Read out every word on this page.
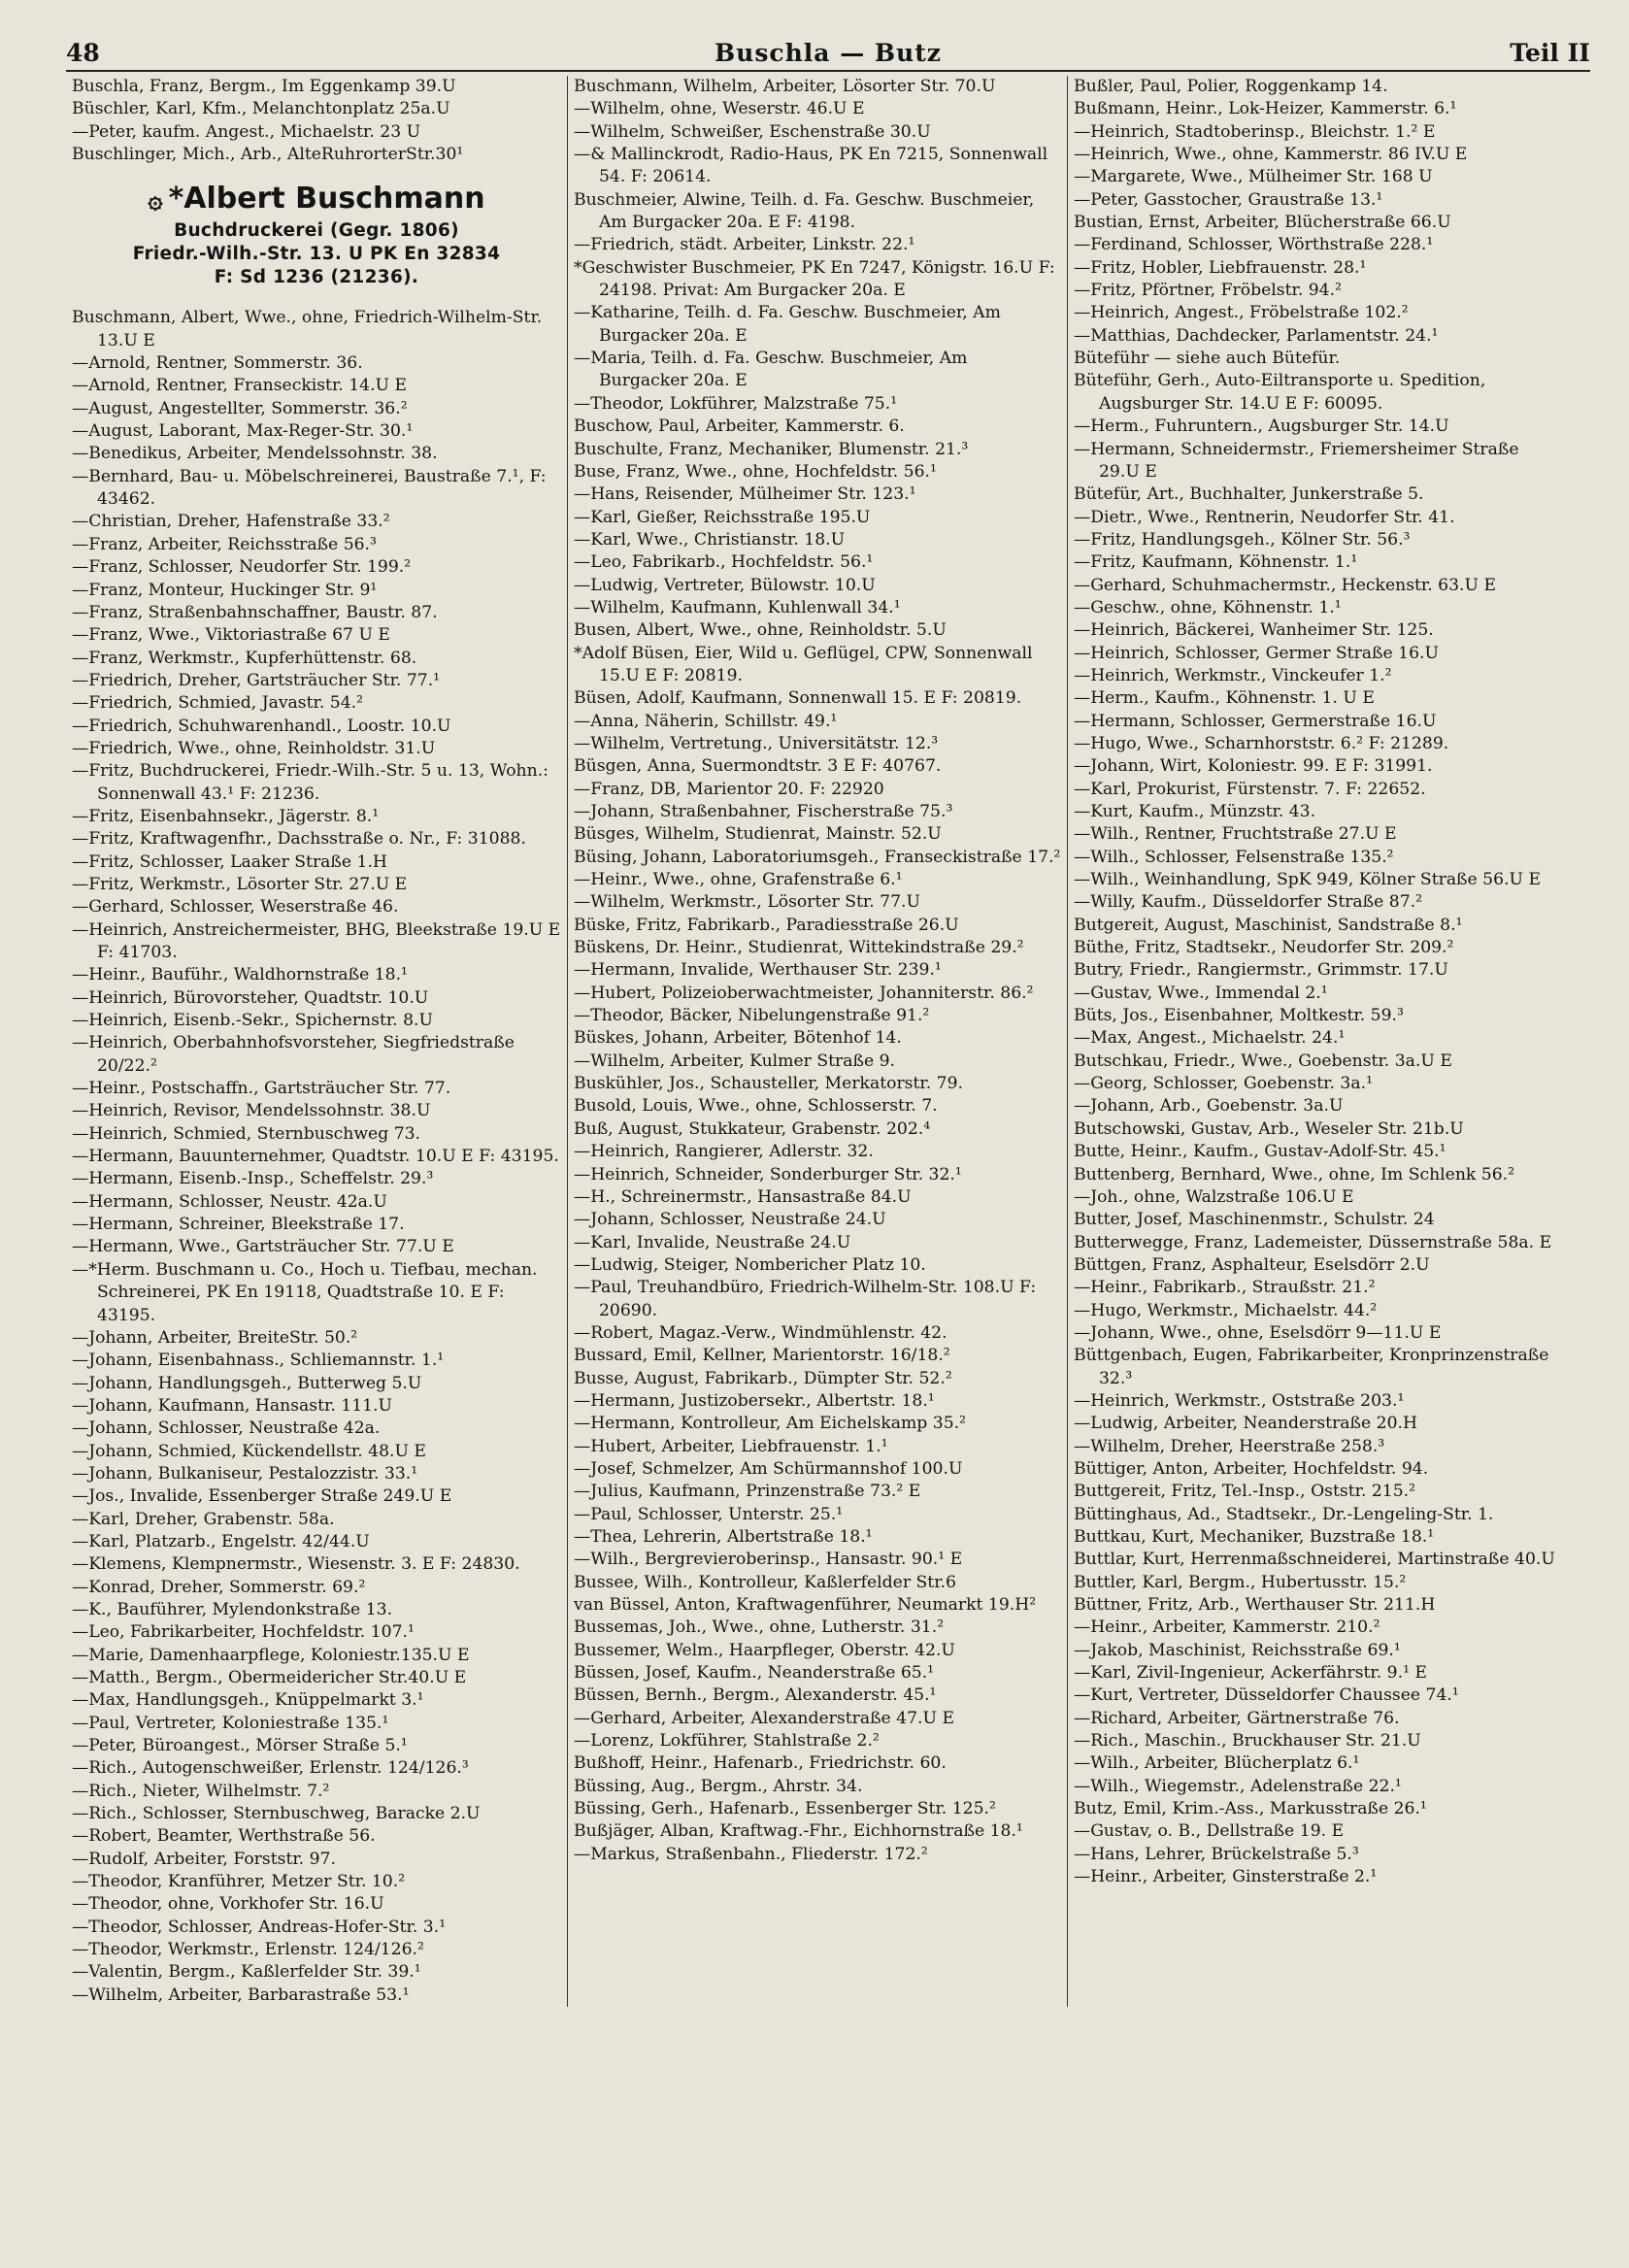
48	Buschla — Butz	Teil II
Buschla, Franz, Bergm., Im Eggenkamp 39.U
Büschler, Karl, Kfm., Melanchtonplatz 25a.U
—Peter, kaufm. Angest., Michaelstr. 23 U
Buschlinger, Mich., Arb., AlteRuhrorterStr.30¹
۞ *Albert Buschmann
Buchdruckerei (Gegr. 1806)
Friedr.-Wilh.-Str. 13. U PK En 32834
F: Sd 1236 (21236).
Buschmann, Albert, Wwe., ohne, Friedrich-Wilhelm-Str. 13.U E
—Arnold, Rentner, Sommerstr. 36.
—Arnold, Rentner, Franseckistr. 14.U E
—August, Angestellter, Sommerstr. 36.²
—August, Laborant, Max-Reger-Str. 30.¹
—Benedikus, Arbeiter, Mendelssohnstr. 38.
—Bernhard, Bau- u. Möbelschreinerei, Baustraße 7.¹, F: 43462.
—Christian, Dreher, Hafenstraße 33.²
—Franz, Arbeiter, Reichsstraße 56.³
—Franz, Schlosser, Neudorfer Str. 199.²
—Franz, Monteur, Huckinger Str. 9¹
—Franz, Straßenbahnschaffner, Baustr. 87.
—Franz, Wwe., Viktoriastraße 67 U E
—Franz, Werkmstr., Kupferhüttenstr. 68.
—Friedrich, Dreher, Gartsträucher Str. 77.¹
—Friedrich, Schmied, Javastr. 54.²
—Friedrich, Schuhwarenhandl., Loostr. 10.U
—Friedrich, Wwe., ohne, Reinholdstr. 31.U
—Fritz, Buchdruckerei, Friedr.-Wilh.-Str. 5 u. 13, Wohn.: Sonnenwall 43.¹ F: 21236.
—Fritz, Eisenbahnsekr., Jägerstr. 8.¹
—Fritz, Kraftwagenfhr., Dachsstraße o. Nr., F: 31088.
—Fritz, Schlosser, Laaker Straße 1.H
—Fritz, Werkmstr., Lösorter Str. 27.U E
—Gerhard, Schlosser, Weserstraße 46.
—Heinrich, Anstreichermeister, BHG, Bleekstraße 19.U E F: 41703.
—Heinr., Bauführ., Waldhornstraße 18.¹
—Heinrich, Bürovorsteher, Quadtstr. 10.U
—Heinrich, Eisenb.-Sekr., Spichernstr. 8.U
—Heinrich, Oberbahnhofsvorsteher, Siegfriedstraße 20/22.²
—Heinr., Postschaffn., Gartsträucher Str. 77.
—Heinrich, Revisor, Mendelssohnstr. 38.U
—Heinrich, Schmied, Sternbuschweg 73.
—Hermann, Bauunternehmer, Quadtstr. 10.U E F: 43195.
—Hermann, Eisenb.-Insp., Scheffelstr. 29.³
—Hermann, Schlosser, Neustr. 42a.U
—Hermann, Schreiner, Bleekstraße 17.
—Hermann, Wwe., Gartsträucher Str. 77.U E
—*Herm. Buschmann u. Co., Hoch u. Tiefbau, mechan. Schreinerei, PK En 19118, Quadtstraße 10. E F: 43195.
—Johann, Arbeiter, BreiteStr. 50.²
—Johann, Eisenbahnass., Schliemannstr. 1.¹
—Johann, Handlungsgeh., Butterweg 5.U
—Johann, Kaufmann, Hansastr. 111.U
—Johann, Schlosser, Neustraße 42a.
—Johann, Schmied, Kückendellstr. 48.U E
—Johann, Bulkaniseur, Pestalozzistr. 33.¹
—Jos., Invalide, Essenberger Straße 249.U E
—Karl, Dreher, Grabenstr. 58a.
—Karl, Platzarb., Engelstr. 42/44.U
—Klemens, Klempnermstr., Wiesenstr. 3. E F: 24830.
—Konrad, Dreher, Sommerstr. 69.²
—K., Bauführer, Mylendonkstraße 13.
—Leo, Fabrikarbeiter, Hochfeldstr. 107.¹
—Marie, Damenhaarpflege, Koloniestr.135.U E
—Matth., Bergm., Obermeidericher Str.40.U E
—Max, Handlungsgeh., Knüppelmarkt 3.¹
—Paul, Vertreter, Koloniestraße 135.¹
—Peter, Büroangest., Mörser Straße 5.¹
—Rich., Autogenschweißer, Erlenstr. 124/126.³
—Rich., Nieter, Wilhelmstr. 7.²
—Rich., Schlosser, Sternbuschweg, Baracke 2.U
—Robert, Beamter, Werthstraße 56.
—Rudolf, Arbeiter, Forststr. 97.
—Theodor, Kranführer, Metzer Str. 10.²
—Theodor, ohne, Vorkhofer Str. 16.U
—Theodor, Schlosser, Andreas-Hofer-Str. 3.¹
—Theodor, Werkmstr., Erlenstr. 124/126.²
—Valentin, Bergm., Kaßlerfelder Str. 39.¹
—Wilhelm, Arbeiter, Barbarastraße 53.¹
Buschmann, Wilhelm, Arbeiter, Lösorter Str. 70.U
—Wilhelm, ohne, Weserstr. 46.U E
—Wilhelm, Schweißer, Eschenstraße 30.U
—& Mallinckrodt, Radio-Haus, PK En 7215, Sonnenwall 54. F: 20614.
Buschmeier, Alwine, Teilh. d. Fa. Geschw. Buschmeier, Am Burgacker 20a. E F: 4198.
—Friedrich, städt. Arbeiter, Linkstr. 22.¹
*Geschwister Buschmeier, PK En 7247, Königstr. 16.U F: 24198. Privat: Am Burgacker 20a. E
—Katharine, Teilh. d. Fa. Geschw. Buschmeier, Am Burgacker 20a. E
—Maria, Teilh. d. Fa. Geschw. Buschmeier, Am Burgacker 20a. E
—Theodor, Lokführer, Malzstraße 75.¹
Buschow, Paul, Arbeiter, Kammerstr. 6.
Buschulte, Franz, Mechaniker, Blumenstr. 21.³
Buse, Franz, Wwe., ohne, Hochfeldstr. 56.¹
—Hans, Reisender, Mülheimer Str. 123.¹
—Karl, Gießer, Reichsstraße 195.U
—Karl, Wwe., Christianstr. 18.U
—Leo, Fabrikarb., Hochfeldstr. 56.¹
—Ludwig, Vertreter, Bülowstr. 10.U
—Wilhelm, Kaufmann, Kuhlenwall 34.¹
Busen, Albert, Wwe., ohne, Reinholdstr. 5.U
*Adolf Büsen, Eier, Wild u. Geflügel, CPW, Sonnenwall 15.U E F: 20819.
Büsen, Adolf, Kaufmann, Sonnenwall 15. E F: 20819.
—Anna, Näherin, Schillstr. 49.¹
—Wilhelm, Vertretung., Universitätstr. 12.³
Büsgen, Anna, Suermondtstr. 3 E F: 40767.
—Franz, DB, Marientor 20. F: 22920
—Johann, Straßenbahner, Fischerstraße 75.³
Büsges, Wilhelm, Studienrat, Mainstr. 52.U
Büsing, Johann, Laboratoriumsgeh., Franseckistraße 17.²
—Heinr., Wwe., ohne, Grafenstraße 6.¹
—Wilhelm, Werkmstr., Lösorter Str. 77.U
Büske, Fritz, Fabrikarb., Paradiesstraße 26.U
Büskens, Dr. Heinr., Studienrat, Wittekindstraße 29.²
—Hermann, Invalide, Werthauser Str. 239.¹
—Hubert, Polizeioberwachtmeister, Johanniterstr. 86.²
—Theodor, Bäcker, Nibelungenstraße 91.²
Büskes, Johann, Arbeiter, Bötenhof 14.
—Wilhelm, Arbeiter, Kulmer Straße 9.
Buskühler, Jos., Schausteller, Merkatorstr. 79.
Busold, Louis, Wwe., ohne, Schlosserstr. 7.
Buß, August, Stukkateur, Grabenstr. 202.⁴
—Heinrich, Rangierer, Adlerstr. 32.
—Heinrich, Schneider, Sonderburger Str. 32.¹
—H., Schreinermstr., Hansastraße 84.U
—Johann, Schlosser, Neustraße 24.U
—Karl, Invalide, Neustraße 24.U
—Ludwig, Steiger, Nombericher Platz 10.
—Paul, Treuhandbüro, Friedrich-Wilhelm-Str. 108.U F: 20690.
—Robert, Magaz.-Verw., Windmühlenstr. 42.
Bussard, Emil, Kellner, Marientorstr. 16/18.²
Busse, August, Fabrikarb., Dümpter Str. 52.²
—Hermann, Justizobersekr., Albertstr. 18.¹
—Hermann, Kontrolleur, Am Eichelskamp 35.²
—Hubert, Arbeiter, Liebfrauenstr. 1.¹
—Josef, Schmelzer, Am Schürmannshof 100.U
—Julius, Kaufmann, Prinzenstraße 73.² E
—Paul, Schlosser, Unterstr. 25.¹
—Thea, Lehrerin, Albertstraße 18.¹
—Wilh., Bergrevieroberinsp., Hansastr. 90.¹ E
Bussee, Wilh., Kontrolleur, Kaßlerfelder Str.6
van Büssel, Anton, Kraftwagenführer, Neumarkt 19.H²
Bussemas, Joh., Wwe., ohne, Lutherstr. 31.²
Bussemer, Welm., Haarpfleger, Oberstr. 42.U
Büssen, Josef, Kaufm., Neanderstraße 65.¹
Büssen, Bernh., Bergm., Alexanderstr. 45.¹
—Gerhard, Arbeiter, Alexanderstraße 47.U E
—Lorenz, Lokführer, Stahlstraße 2.²
Bußhoff, Heinr., Hafenarb., Friedrichstr. 60.
Büssing, Aug., Bergm., Ahrstr. 34.
Büssing, Gerh., Hafenarb., Essenberger Str. 125.²
Bußjäger, Alban, Kraftwag.-Fhr., Eichhornstraße 18.¹
—Markus, Straßenbahn., Fliederstr. 172.²
Bußler, Paul, Polier, Roggenkamp 14.
Bußmann, Heinr., Lok-Heizer, Kammerstr. 6.¹
—Heinrich, Stadtoberinsp., Bleichstr. 1.² E
—Heinrich, Wwe., ohne, Kammerstr. 86 IV.U E
—Margarete, Wwe., Mülheimer Str. 168 U
—Peter, Gasstocher, Graustraße 13.¹
Bustian, Ernst, Arbeiter, Blücherstraße 66.U
—Ferdinand, Schlosser, Wörthstraße 228.¹
—Fritz, Hobler, Liebfrauenstr. 28.¹
—Fritz, Pförtner, Fröbelstr. 94.²
—Heinrich, Angest., Fröbelstraße 102.²
—Matthias, Dachdecker, Parlamentstr. 24.¹
Büteführ — siehe auch Bütefür.
Büteführ, Gerh., Auto-Eiltransporte u. Spedition, Augsburger Str. 14.U E F: 60095.
—Herm., Fuhruntern., Augsburger Str. 14.U
—Hermann, Schneidermstr., Friemersheimer Straße 29.U E
Bütefür, Art., Buchhalter, Junkerstraße 5.
—Dietr., Wwe., Rentnerin, Neudorfer Str. 41.
—Fritz, Handlungsgeh., Kölner Str. 56.³
—Fritz, Kaufmann, Köhnenstr. 1.¹
—Gerhard, Schuhmachermstr., Heckenstr. 63.U E
—Geschw., ohne, Köhnenstr. 1.¹
—Heinrich, Bäckerei, Wanheimer Str. 125.
—Heinrich, Schlosser, Germer Straße 16.U
—Heinrich, Werkmstr., Vinckeufer 1.²
—Herm., Kaufm., Köhnenstr. 1. U E
—Hermann, Schlosser, Germerstraße 16.U
—Hugo, Wwe., Scharnhorststr. 6.² F: 21289.
—Johann, Wirt, Koloniestr. 99. E F: 31991.
—Karl, Prokurist, Fürstenstr. 7. F: 22652.
—Kurt, Kaufm., Münzstr. 43.
—Wilh., Rentner, Fruchtstraße 27.U E
—Wilh., Schlosser, Felsenstraße 135.²
—Wilh., Weinhandlung, SpK 949, Kölner Straße 56.U E
—Willy, Kaufm., Düsseldorfer Straße 87.²
Butgereit, August, Maschinist, Sandstraße 8.¹
Büthe, Fritz, Stadtsekr., Neudorfer Str. 209.²
Butry, Friedr., Rangiermstr., Grimmstr. 17.U
—Gustav, Wwe., Immendal 2.¹
Büts, Jos., Eisenbahner, Moltkestr. 59.³
—Max, Angest., Michaelstr. 24.¹
Butschkau, Friedr., Wwe., Goebenstr. 3a.U E
—Georg, Schlosser, Goebenstr. 3a.¹
—Johann, Arb., Goebenstr. 3a.U
Butschowski, Gustav, Arb., Weseler Str. 21b.U
Butte, Heinr., Kaufm., Gustav-Adolf-Str. 45.¹
Buttenberg, Bernhard, Wwe., ohne, Im Schlenk 56.²
—Joh., ohne, Walzstraße 106.U E
Butter, Josef, Maschinenmstr., Schulstr. 24
Butterwegge, Franz, Lademeister, Düssernstraße 58a. E
Büttgen, Franz, Asphalteur, Eselsdörr 2.U
—Heinr., Fabrikarb., Straußstr. 21.²
—Hugo, Werkmstr., Michaelstr. 44.²
—Johann, Wwe., ohne, Eselsdörr 9—11.U E
Büttgenbach, Eugen, Fabrikarbeiter, Kronprinzenstraße 32.³
—Heinrich, Werkmstr., Oststraße 203.¹
—Ludwig, Arbeiter, Neanderstraße 20.H
—Wilhelm, Dreher, Heerstraße 258.³
Büttiger, Anton, Arbeiter, Hochfeldstr. 94.
Buttgereit, Fritz, Tel.-Insp., Oststr. 215.²
Büttinghaus, Ad., Stadtsekr., Dr.-Lengeling-Str. 1.
Buttkau, Kurt, Mechaniker, Buzstraße 18.¹
Buttlar, Kurt, Herrenmaßschneiderei, Martinstraße 40.U
Buttler, Karl, Bergm., Hubertusstr. 15.²
Büttner, Fritz, Arb., Werthauser Str. 211.H
—Heinr., Arbeiter, Kammerstr. 210.²
—Jakob, Maschinist, Reichsstraße 69.¹
—Karl, Zivil-Ingenieur, Ackerfährstr. 9.¹ E
—Kurt, Vertreter, Düsseldorfer Chaussee 74.¹
—Richard, Arbeiter, Gärtnerstraße 76.
—Rich., Maschin., Bruckhauser Str. 21.U
—Wilh., Arbeiter, Blücherplatz 6.¹
—Wilh., Wiegemstr., Adelenstraße 22.¹
Butz, Emil, Krim.-Ass., Markusstraße 26.¹
—Gustav, o. B., Dellstraße 19. E
—Hans, Lehrer, Brückelstraße 5.³
—Heinr., Arbeiter, Ginsterstraße 2.¹
